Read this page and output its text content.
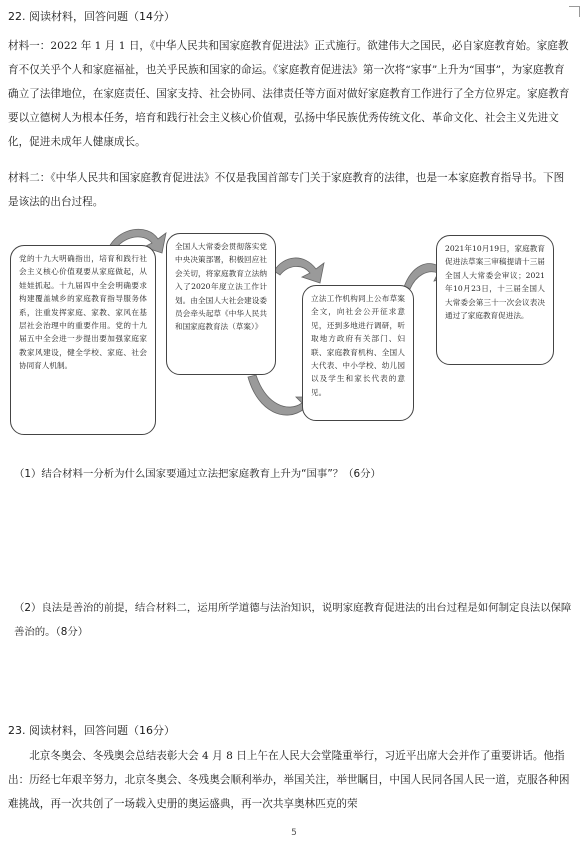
22. 阅读材料，回答问题（14分）
材料一：2022 年 1 月 1 日，《中华人民共和国家庭教育促进法》正式施行。欲建伟大之国民，必自家庭教育始。家庭教育不仅关乎个人和家庭福祉，也关乎民族和国家的命运。《家庭教育促进法》第一次将“家事”上升为“国事”，为家庭教育确立了法律地位，在家庭责任、国家支持、社会协同、法律责任等方面对做好家庭教育工作进行了全方位界定。家庭教育要以立德树人为根本任务，培育和践行社会主义核心价值观，弘扬中华民族优秀传统文化、革命文化、社会主义先进文化，促进未成年人健康成长。
材料二：《中华人民共和国家庭教育促进法》不仅是我国首部专门关于家庭教育的法律，也是一本家庭教育指导书。下图是该法的出台过程。
党的十九大明确指出，培育和践行社会主义核心价值观要从家庭做起，从娃娃抓起。十九届四中全会明确要求构建覆盖城乡的家庭教育指导服务体系，注重发挥家庭、家教、家风在基层社会治理中的重要作用。党的十九届五中全会进一步提出要加强家庭家教家风建设，健全学校、家庭、社会协同育人机制。
全国人大常委会贯彻落实党中央决策部署，积极回应社会关切，将家庭教育立法纳入了2020年度立法工作计划。由全国人大社会建设委员会牵头起草《中华人民共和国家庭教育法（草案）》
立法工作机构同上公布草案全文，向社会公开征求意见，还到多地进行调研，听取地方政府有关部门、妇联、家庭教育机构、全国人大代表、中小学校、幼儿园以及学生和家长代表的意见。
2021年10月19日，家庭教育促进法草案三审稿提请十三届全国人大常委会审议；2021年10月23日，十三届全国人大常委会第三十一次会议表决通过了家庭教育促进法。
（1）结合材料一分析为什么国家要通过立法把家庭教育上升为“国事”？（6分）
（2）良法是善治的前提，结合材料二，运用所学道德与法治知识，说明家庭教育促进法的出台过程是如何制定良法以保障善治的。（8分）
23. 阅读材料，回答问题（16分）
北京冬奥会、冬残奥会总结表彰大会 4 月 8 日上午在人民大会堂隆重举行，习近平出席大会并作了重要讲话。他指出：历经七年艰辛努力，北京冬奥会、冬残奥会顺利举办，举国关注，举世瞩目，中国人民同各国人民一道，克服各种困难挑战，再一次共创了一场载入史册的奥运盛典，再一次共享奥林匹克的荣
5
